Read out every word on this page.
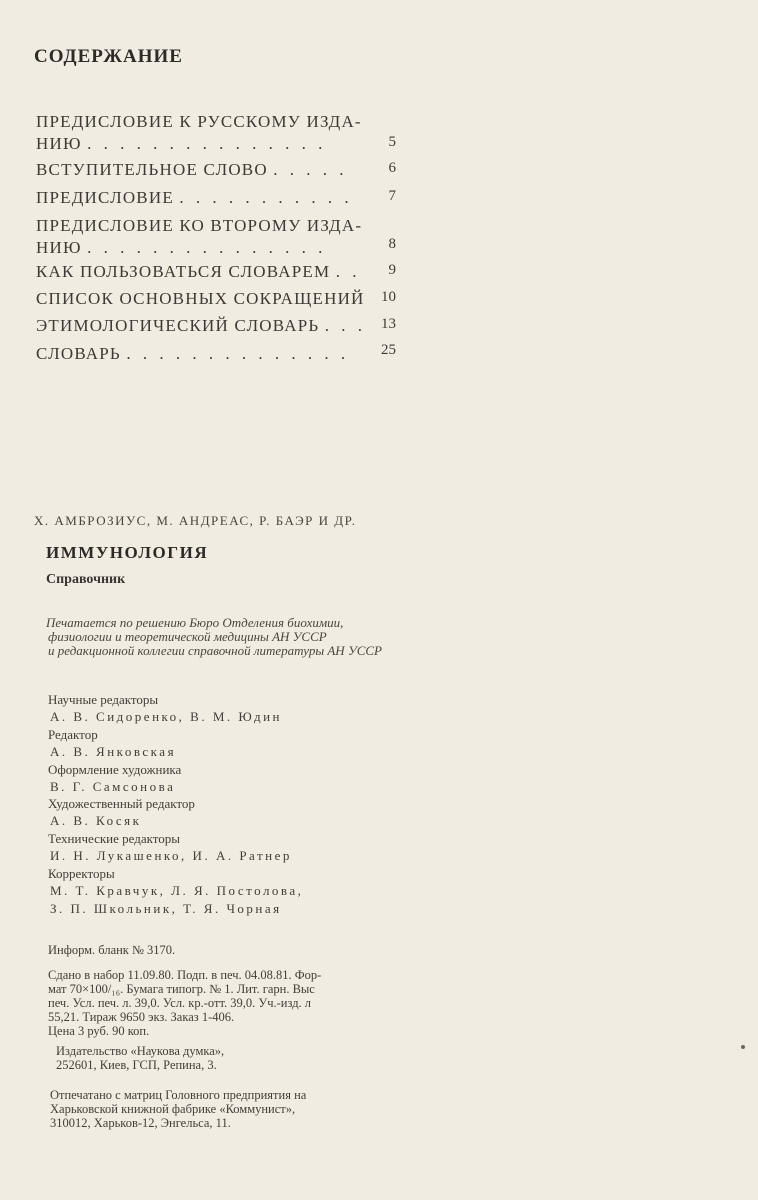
СОДЕРЖАНИЕ
ПРЕДИСЛОВИЕ К РУССКОМУ ИЗДА-
НИЮ . . . . . . . . . . . . . . .	5
ВСТУПИТЕЛЬНОЕ СЛОВО . . . . .	6
ПРЕДИСЛОВИЕ . . . . . . . . . . . 7
ПРЕДИСЛОВИЕ КО ВТОРОМУ ИЗДА-
НИЮ . . . . . . . . . . . . . . .	8
КАК ПОЛЬЗОВАТЬСЯ СЛОВАРЕМ . . 9
СПИСОК ОСНОВНЫХ СОКРАЩЕНИЙ 10
ЭТИМОЛОГИЧЕСКИЙ СЛОВАРЬ . . . 13
СЛОВАРЬ . . . . . . . . . . . . . . 25
Х. АМБРОЗИУС, М. АНДРЕАС, Р. БАЭР И ДР.
ИММУНОЛОГИЯ
Справочник
Печатается по решению Бюро Отделения биохимии,
физиологии и теоретической медицины АН УССР
и редакционной коллегии справочной литературы АН УССР
Научные редакторы
А. В. Сидоренко, В. М. Юдин
Редактор
А. В. Янковская
Оформление художника
В. Г. Самсонова
Художественный редактор
А. В. Косяк
Технические редакторы
И. Н. Лукашенко, И. А. Ратнер
Корректоры
М. Т. Кравчук, Л. Я. Постолова,
З. П. Школьник, Т. Я. Чорная
Информ. бланк № 3170.
Сдано в набор 11.09.80. Подп. в печ. 04.08.81. Фор-
мат 70×100/₁₆. Бумага типогр. № 1. Лит. гарн. Выс
печ. Усл. печ. л. 39,0. Усл. кр.-отт. 39,0. Уч.-изд. л
55,21. Тираж 9650 экз. Заказ 1-406.
Цена 3 руб. 90 коп.
Издательство «Наукова думка»,
252601, Киев, ГСП, Репина, 3.
Отпечатано с матриц Головного предприятия на
Харьковской книжной фабрике «Коммунист»,
310012, Харьков-12, Энгельса, 11.
